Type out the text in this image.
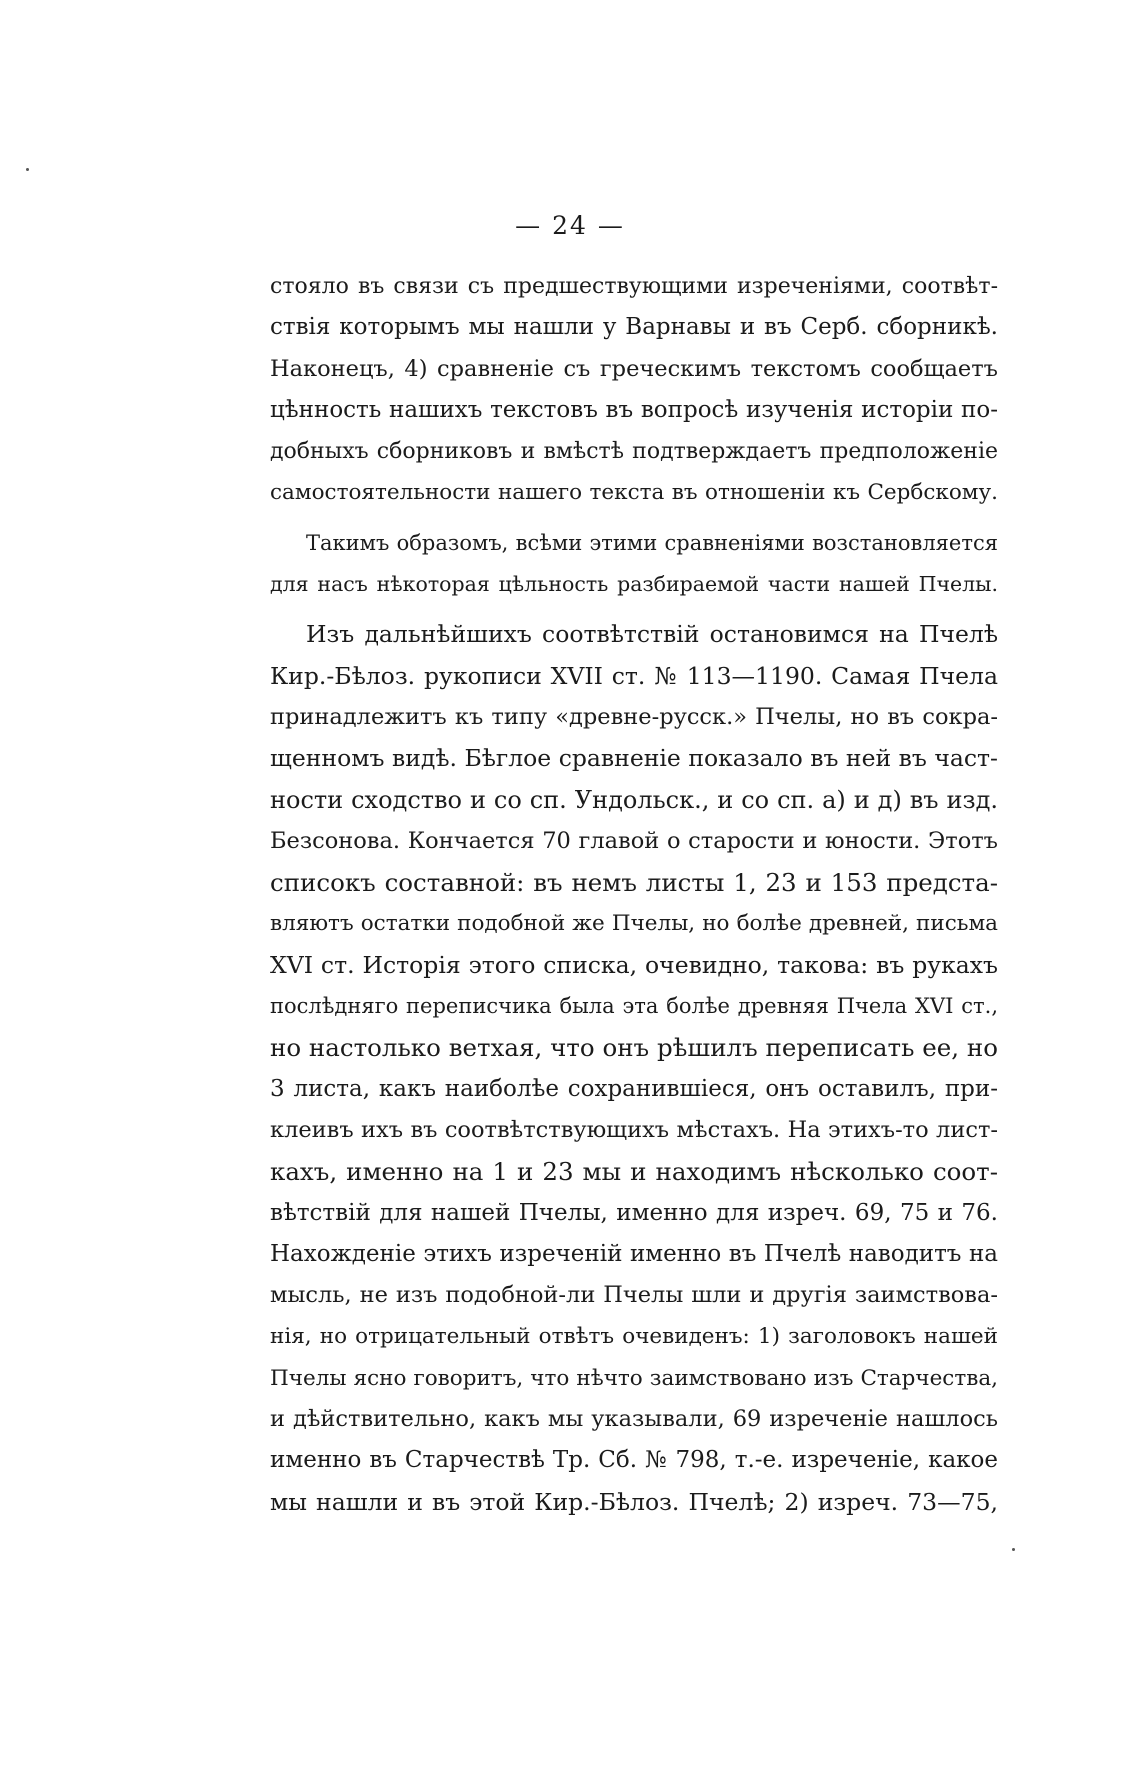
— 24 —
стояло въ связи съ предшествующими изреченіями, соотвѣт-
ствія которымъ мы нашли у Варнавы и въ Серб. сборникѣ.
Наконецъ, 4) сравненіе съ греческимъ текстомъ сообщаетъ
цѣнность нашихъ текстовъ въ вопросѣ изученія исторіи по-
добныхъ сборниковъ и вмѣстѣ подтверждаетъ предположеніе
самостоятельности нашего текста въ отношеніи къ Сербскому.
Такимъ образомъ, всѣми этими сравненіями возстановляется
для насъ нѣкоторая цѣльность разбираемой части нашей Пчелы.
Изъ дальнѣйшихъ соотвѣтствій остановимся на Пчелѣ
Кир.-Бѣлоз. рукописи XVII ст. № 113—1190. Самая Пчела
принадлежитъ къ типу «древне-русск.» Пчелы, но въ сокра-
щенномъ видѣ. Бѣглое сравненіе показало въ ней въ част-
ности сходство и со сп. Ундольск., и со сп. а) и д) въ изд.
Безсонова. Кончается 70 главой о старости и юности. Этотъ
списокъ составной: въ немъ листы 1, 23 и 153 предста-
вляютъ остатки подобной же Пчелы, но болѣе древней, письма
XVI ст. Исторія этого списка, очевидно, такова: въ рукахъ
послѣдняго переписчика была эта болѣе древняя Пчела XVI ст.,
но настолько ветхая, что онъ рѣшилъ переписать ее, но
3 листа, какъ наиболѣе сохранившіеся, онъ оставилъ, при-
клеивъ ихъ въ соотвѣтствующихъ мѣстахъ. На этихъ-то лист-
кахъ, именно на 1 и 23 мы и находимъ нѣсколько соот-
вѣтствій для нашей Пчелы, именно для изреч. 69, 75 и 76.
Нахожденіе этихъ изреченій именно въ Пчелѣ наводитъ на
мысль, не изъ подобной-ли Пчелы шли и другія заимствова-
нія, но отрицательный отвѣтъ очевиденъ: 1) заголовокъ нашей
Пчелы ясно говоритъ, что нѣчто заимствовано изъ Старчества,
и дѣйствительно, какъ мы указывали, 69 изреченіе нашлось
именно въ Старчествѣ Тр. Сб. № 798, т.-е. изреченіе, какое
мы нашли и въ этой Кир.-Бѣлоз. Пчелѣ; 2) изреч. 73—75,
